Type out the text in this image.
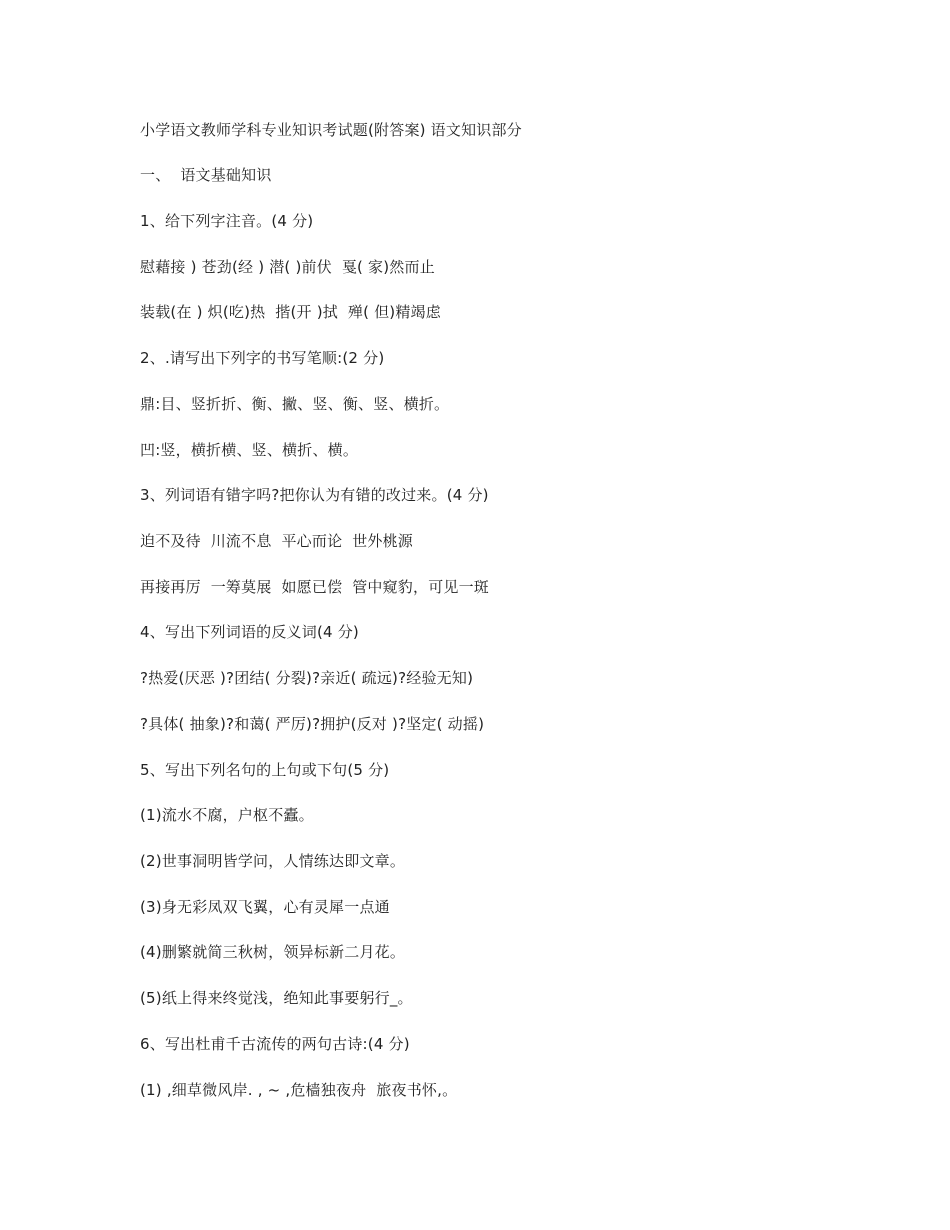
小学语文教师学科专业知识考试题(附答案) 语文知识部分

一、  语文基础知识

1、给下列字注音。(4 分)

慰藉接 ) 苍劲(经 ) 潜( )前伏  戛( 家)然而止

装载(在 ) 炽(吃)热  揩(开 )拭  殚( 但)精竭虑

2、.请写出下列字的书写笔顺:(2 分)

鼎:目、竖折折、衡、撇、竖、衡、竖、横折。

凹:竖，横折横、竖、横折、横。

3、列词语有错字吗?把你认为有错的改过来。(4 分)

迫不及待  川流不息  平心而论  世外桃源

再接再厉  一筹莫展  如愿已偿  管中窥豹，可见一斑

4、写出下列词语的反义词(4 分)

?热爱(厌恶 )?团结( 分裂)?亲近( 疏远)?经验无知)

?具体( 抽象)?和蔼( 严厉)?拥护(反对 )?坚定( 动摇)

5、写出下列名句的上句或下句(5 分)

(1)流水不腐，户枢不蠹。

(2)世事洞明皆学问，人情练达即文章。

(3)身无彩凤双飞翼，心有灵犀一点通

(4)删繁就简三秋树，领异标新二月花。

(5)纸上得来终觉浅，绝知此事要躬行_。

6、写出杜甫千古流传的两句古诗:(4 分)

(1) ,细草微风岸. , ~ ,危樯独夜舟  旅夜书怀,。
